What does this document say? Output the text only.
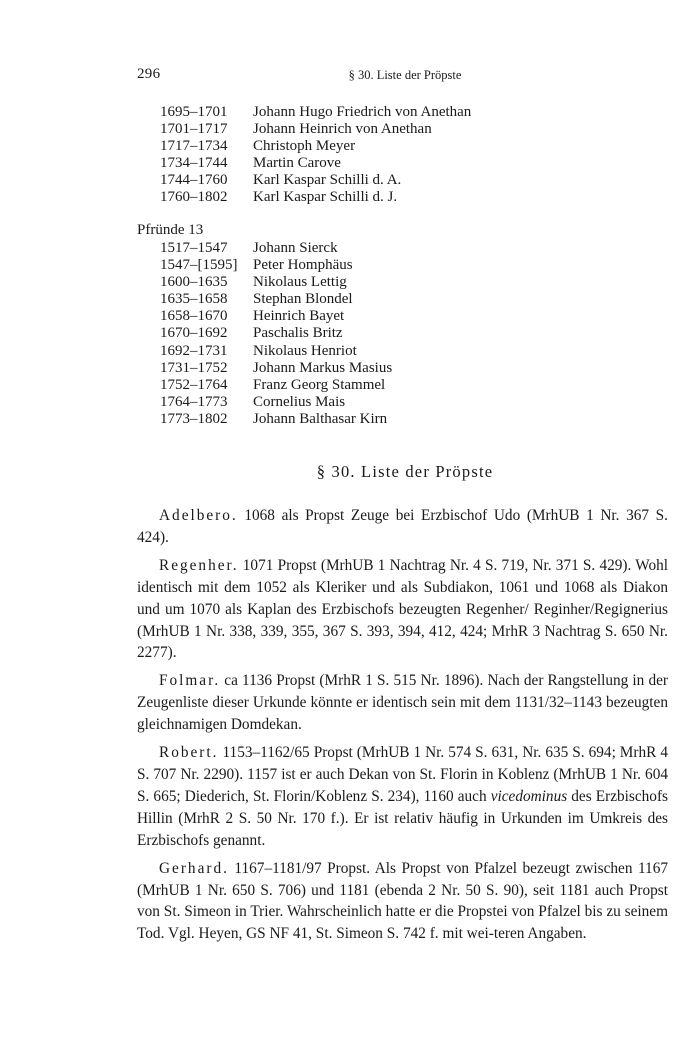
296	§ 30. Liste der Pröpste
1695–1701	Johann Hugo Friedrich von Anethan
1701–1717	Johann Heinrich von Anethan
1717–1734	Christoph Meyer
1734–1744	Martin Carove
1744–1760	Karl Kaspar Schilli d. A.
1760–1802	Karl Kaspar Schilli d. J.
Pfründe 13
1517–1547	Johann Sierck
1547–[1595]	Peter Homphäus
1600–1635	Nikolaus Lettig
1635–1658	Stephan Blondel
1658–1670	Heinrich Bayet
1670–1692	Paschalis Britz
1692–1731	Nikolaus Henriot
1731–1752	Johann Markus Masius
1752–1764	Franz Georg Stammel
1764–1773	Cornelius Mais
1773–1802	Johann Balthasar Kirn
§ 30. Liste der Pröpste

Adelbero. 1068 als Propst Zeuge bei Erzbischof Udo (MrhUB 1 Nr. 367 S. 424).

Regenher. 1071 Propst (MrhUB 1 Nachtrag Nr. 4 S. 719, Nr. 371 S. 429). Wohl identisch mit dem 1052 als Kleriker und als Subdiakon, 1061 und 1068 als Diakon und um 1070 als Kaplan des Erzbischofs bezeugten Regenher/ Reginher/Regignerius (MrhUB 1 Nr. 338, 339, 355, 367 S. 393, 394, 412, 424; MrhR 3 Nachtrag S. 650 Nr. 2277).

Folmar. ca 1136 Propst (MrhR 1 S. 515 Nr. 1896). Nach der Rangstellung in der Zeugenliste dieser Urkunde könnte er identisch sein mit dem 1131/32–1143 bezeugten gleichnamigen Domdekan.

Robert. 1153–1162/65 Propst (MrhUB 1 Nr. 574 S. 631, Nr. 635 S. 694; MrhR 4 S. 707 Nr. 2290). 1157 ist er auch Dekan von St. Florin in Koblenz (MrhUB 1 Nr. 604 S. 665; Diederich, St. Florin/Koblenz S. 234), 1160 auch vicedominus des Erzbischofs Hillin (MrhR 2 S. 50 Nr. 170 f.). Er ist relativ häufig in Urkunden im Umkreis des Erzbischofs genannt.

Gerhard. 1167–1181/97 Propst. Als Propst von Pfalzel bezeugt zwischen 1167 (MrhUB 1 Nr. 650 S. 706) und 1181 (ebenda 2 Nr. 50 S. 90), seit 1181 auch Propst von St. Simeon in Trier. Wahrscheinlich hatte er die Propstei von Pfalzel bis zu seinem Tod. Vgl. Heyen, GS NF 41, St. Simeon S. 742 f. mit wei-teren Angaben.
